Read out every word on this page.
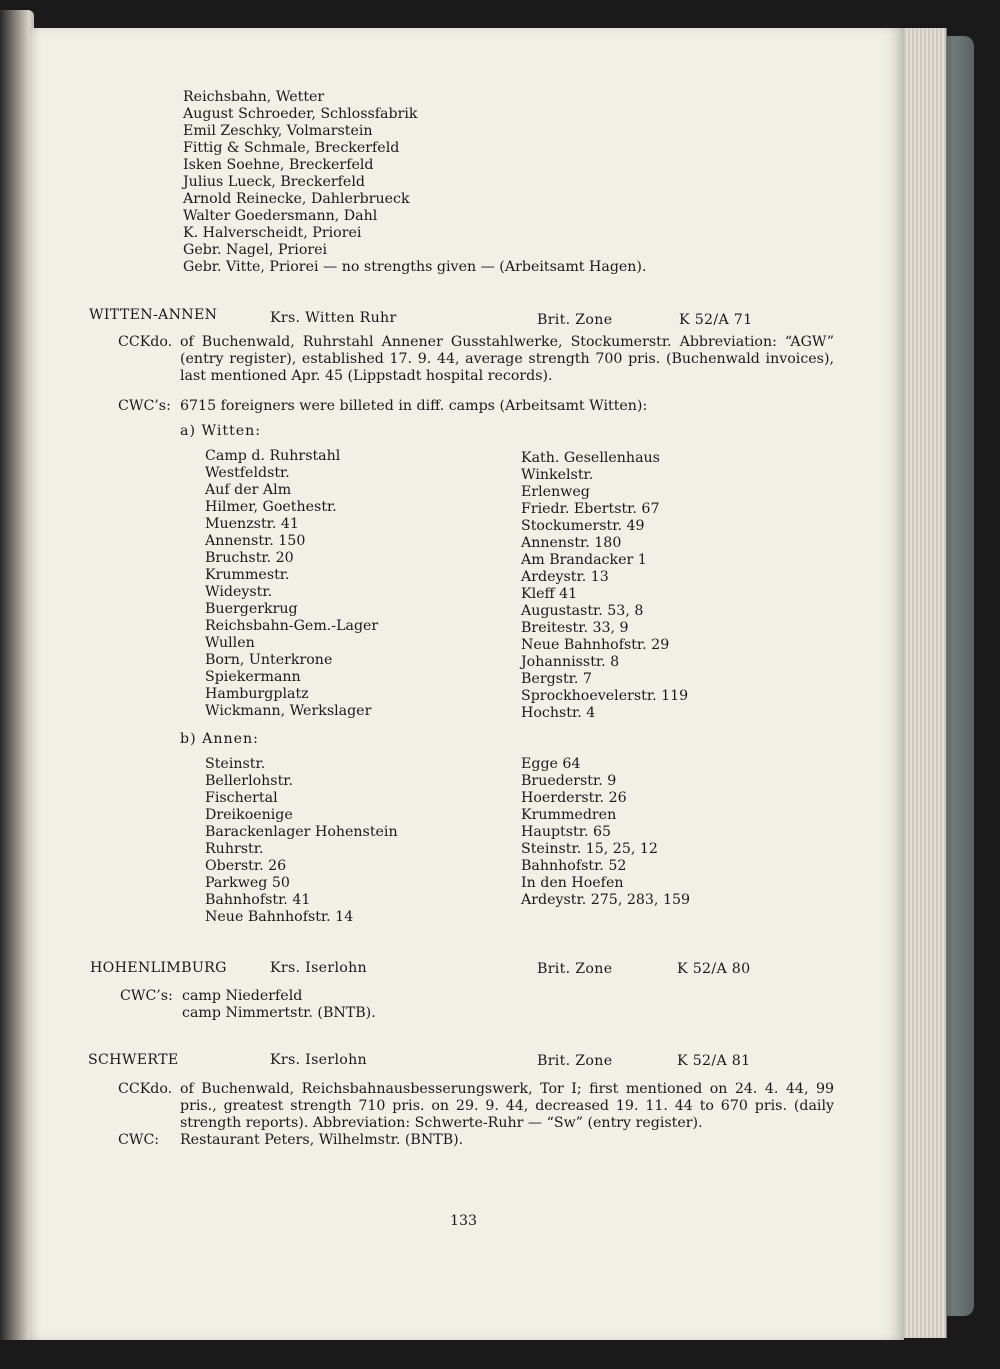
Reichsbahn, Wetter
August Schroeder, Schlossfabrik
Emil Zeschky, Volmarstein
Fittig & Schmale, Breckerfeld
Isken Soehne, Breckerfeld
Julius Lueck, Breckerfeld
Arnold Reinecke, Dahlerbrueck
Walter Goedersmann, Dahl
K. Halverscheidt, Priorei
Gebr. Nagel, Priorei
Gebr. Vitte, Priorei — no strengths given — (Arbeitsamt Hagen).
WITTEN-ANNEN	Krs. Witten Ruhr	Brit. Zone	K 52/A 71
CCKdo. of Buchenwald, Ruhrstahl Annener Gusstahlwerke, Stockumerstr. Abbreviation: “AGW” (entry register), established 17. 9. 44, average strength 700 pris. (Buchenwald invoices), last mentioned Apr. 45 (Lippstadt hospital records).
CWC’s: 6715 foreigners were billeted in diff. camps (Arbeitsamt Witten):
a) Witten:
Camp d. Ruhrstahl
Westfeldstr.
Auf der Alm
Hilmer, Goethestr.
Muenzstr. 41
Annenstr. 150
Bruchstr. 20
Krummestr.
Wideystr.
Buergerkrug
Reichsbahn-Gem.-Lager
Wullen
Born, Unterkrone
Spiekermann
Hamburgplatz
Wickmann, Werkslager
Kath. Gesellenhaus
Winkelstr.
Erlenweg
Friedr. Ebertstr. 67
Stockumerstr. 49
Annenstr. 180
Am Brandacker 1
Ardeystr. 13
Kleff 41
Augustastr. 53, 8
Breitestr. 33, 9
Neue Bahnhofstr. 29
Johannisstr. 8
Bergstr. 7
Sprockhoevelerstr. 119
Hochstr. 4
b) Annen:
Steinstr.
Bellerlohstr.
Fischertal
Dreikoenige
Barackenlager Hohenstein
Ruhrstr.
Oberstr. 26
Parkweg 50
Bahnhofstr. 41
Neue Bahnhofstr. 14
Egge 64
Bruederstr. 9
Hoerderstr. 26
Krummedren
Hauptstr. 65
Steinstr. 15, 25, 12
Bahnhofstr. 52
In den Hoefen
Ardeystr. 275, 283, 159
HOHENLIMBURG	Krs. Iserlohn	Brit. Zone	K 52/A 80
CWC’s: camp Niederfeld
camp Nimmertstr. (BNTB).
SCHWERTE	Krs. Iserlohn	Brit. Zone	K 52/A 81
CCKdo. of Buchenwald, Reichsbahnausbesserungswerk, Tor I; first mentioned on 24. 4. 44, 99 pris., greatest strength 710 pris. on 29. 9. 44, decreased 19. 11. 44 to 670 pris. (daily strength reports). Abbreviation: Schwerte-Ruhr — “Sw” (entry register).
CWC: Restaurant Peters, Wilhelmstr. (BNTB).
133
